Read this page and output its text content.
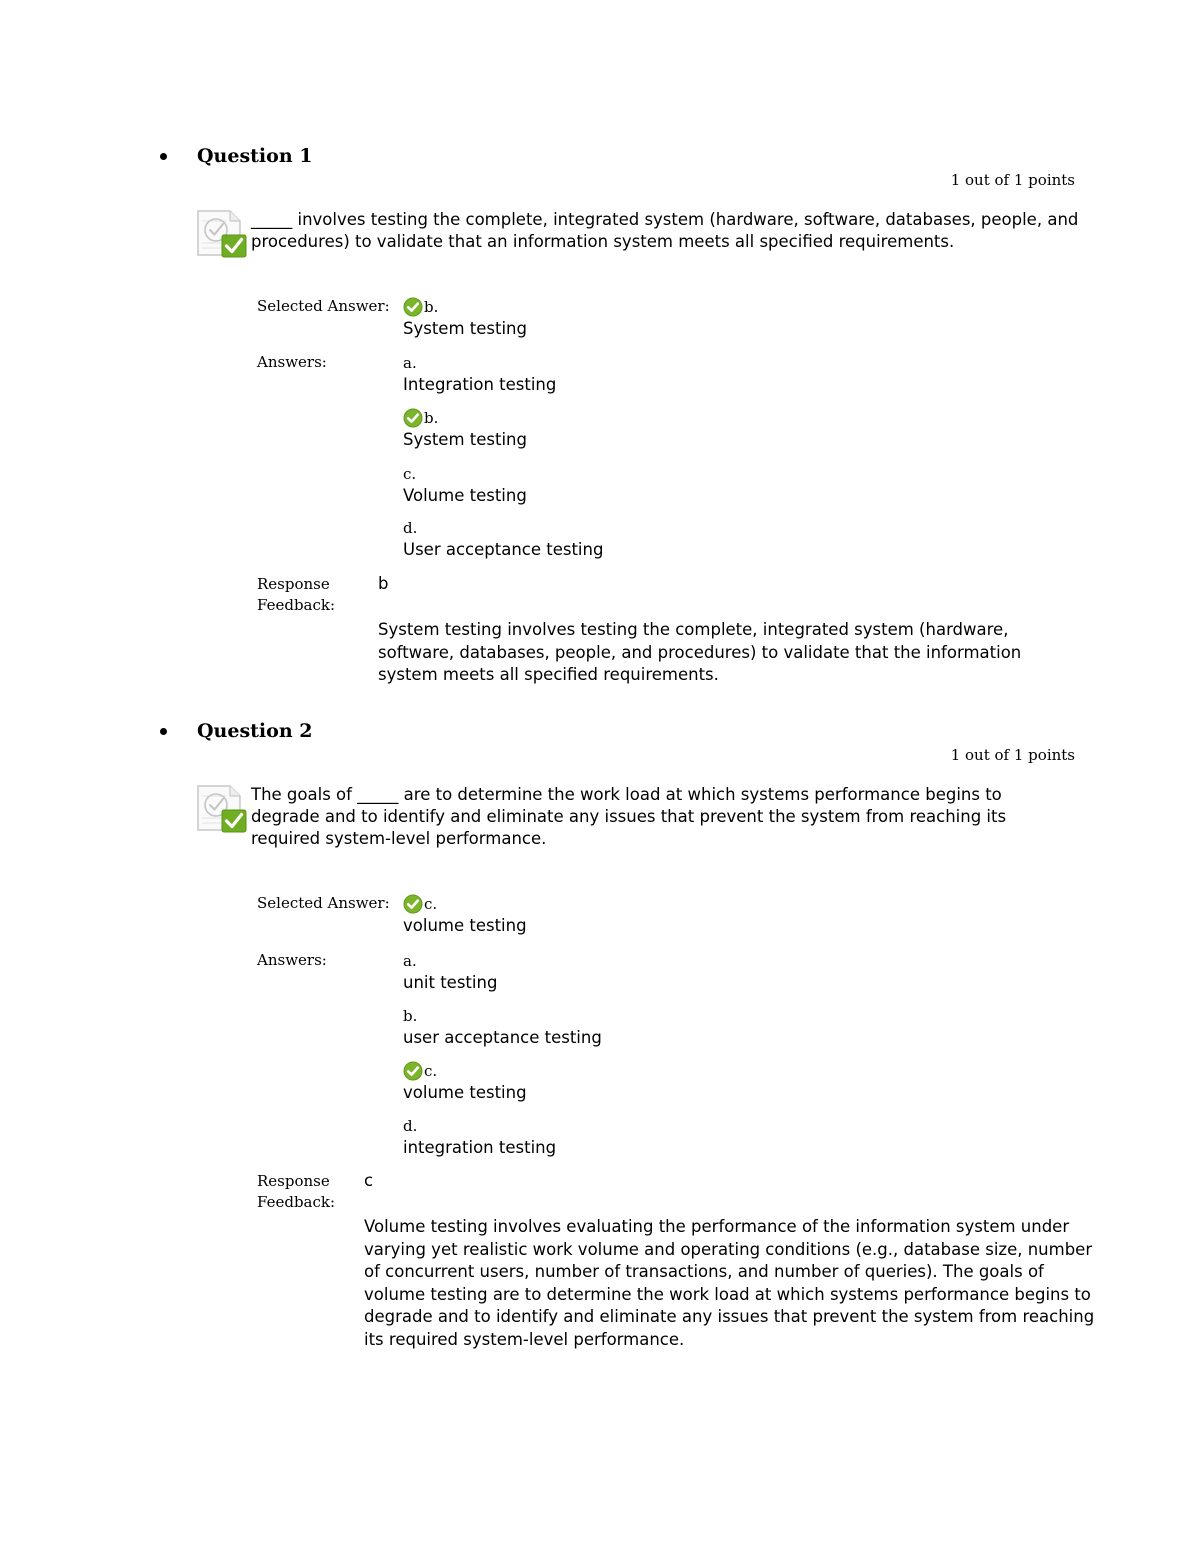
Question 1
1 out of 1 points
_____ involves testing the complete, integrated system (hardware, software, databases, people, and procedures) to validate that an information system meets all specified requirements.
Selected Answer: b.
System testing
Answers:	a.
Integration testing
b.
System testing
c.
Volume testing
d.
User acceptance testing
Response
Feedback:
b
System testing involves testing the complete, integrated system (hardware, software, databases, people, and procedures) to validate that the information system meets all specified requirements.
Question 2
1 out of 1 points
The goals of _____ are to determine the work load at which systems performance begins to degrade and to identify and eliminate any issues that prevent the system from reaching its required system-level performance.
Selected Answer: c.
volume testing
Answers:	a.
unit testing
b.
user acceptance testing
c.
volume testing
d.
integration testing
Response
Feedback:
c
Volume testing involves evaluating the performance of the information system under varying yet realistic work volume and operating conditions (e.g., database size, number of concurrent users, number of transactions, and number of queries). The goals of volume testing are to determine the work load at which systems performance begins to degrade and to identify and eliminate any issues that prevent the system from reaching its required system-level performance.
